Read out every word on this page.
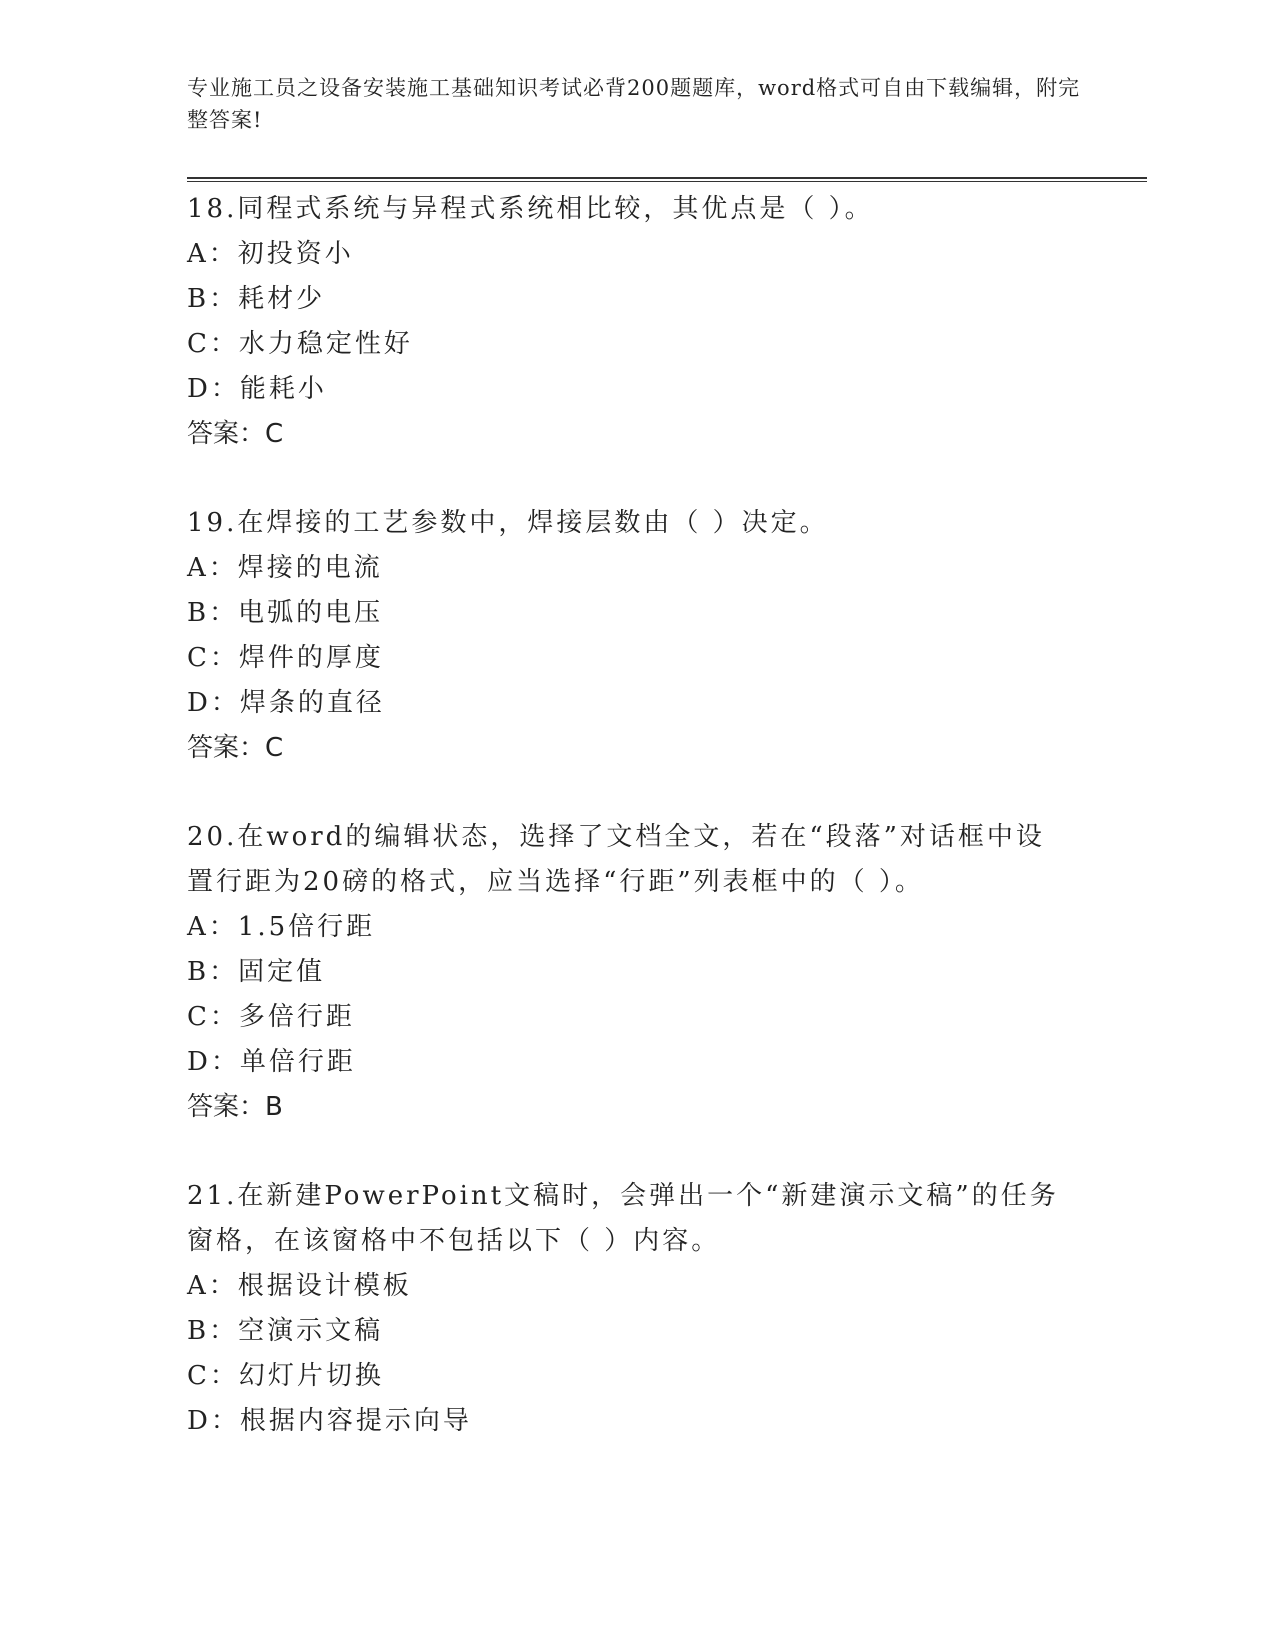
专业施工员之设备安装施工基础知识考试必背200题题库，word格式可自由下载编辑，附完整答案!

18.同程式系统与异程式系统相比较，其优点是（ ）。

A：初投资小
B：耗材少
C：水力稳定性好
D：能耗小
答案：C

19.在焊接的工艺参数中，焊接层数由（ ）决定。

A：焊接的电流
B：电弧的电压
C：焊件的厚度
D：焊条的直径
答案：C

20.在word的编辑状态，选择了文档全文，若在“段落”对话框中设置行距为20磅的格式，应当选择“行距”列表框中的（ ）。

A：1.5倍行距
B：固定值
C：多倍行距
D：单倍行距
答案：B

21.在新建PowerPoint文稿时，会弹出一个“新建演示文稿”的任务窗格，在该窗格中不包括以下（ ）内容。

A：根据设计模板
B：空演示文稿
C：幻灯片切换
D：根据内容提示向导
